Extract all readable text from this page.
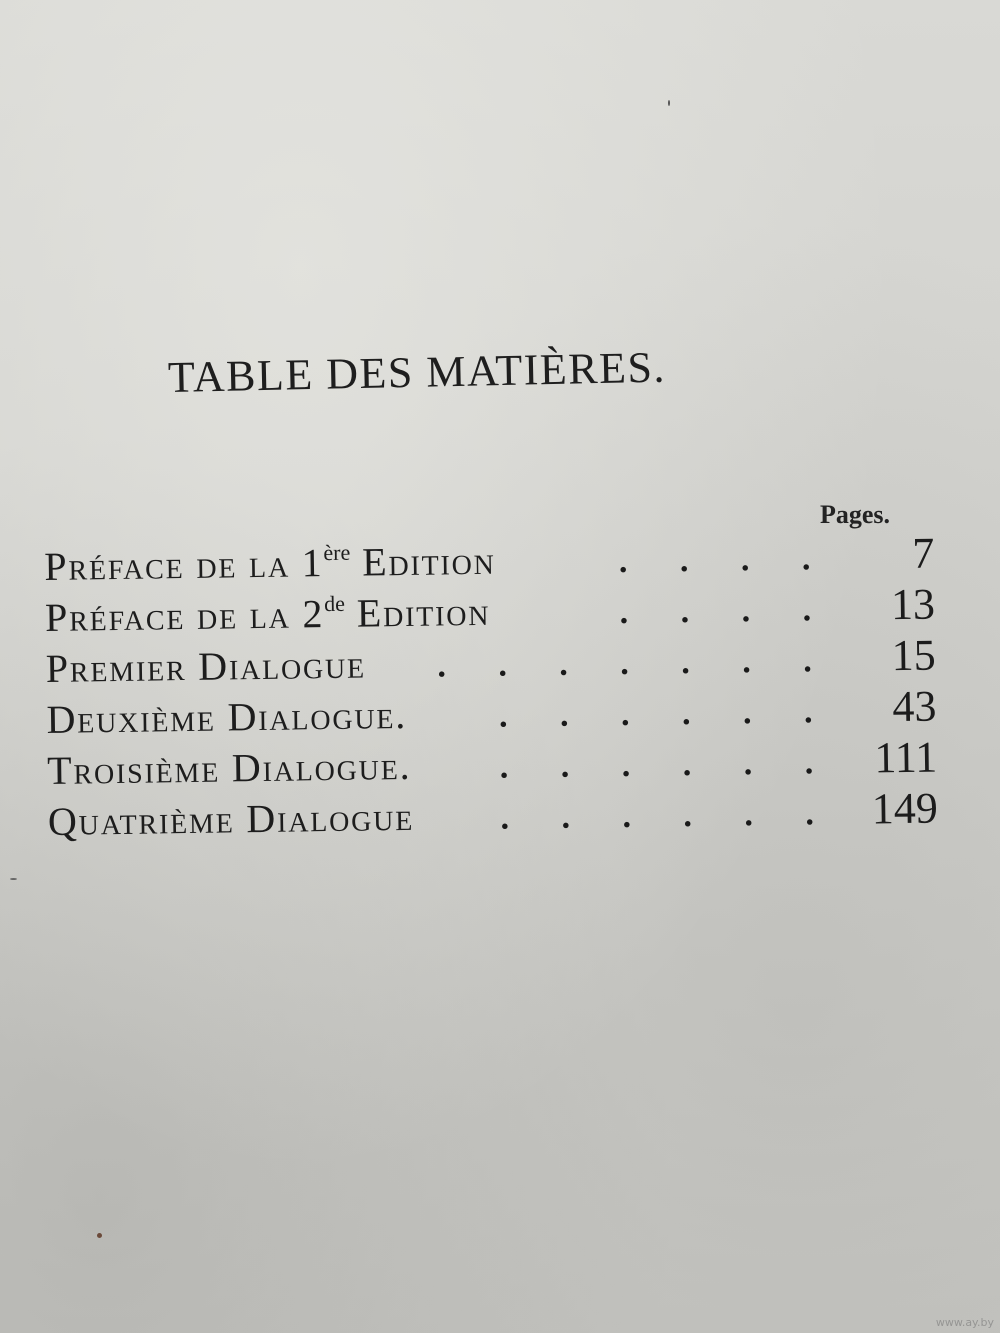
TABLE DES MATIÈRES.
Pages.
Préface de la 1ère Edition	. . . .	7
Préface de la 2de Edition	. . . .	13
Premier Dialogue	. . . . . . .	15
Deuxième Dialogue.	. . . . . .	43
Troisième Dialogue.	. . . . . . 111
Quatrième Dialogue	. . . . . . 149
www.ay.by
